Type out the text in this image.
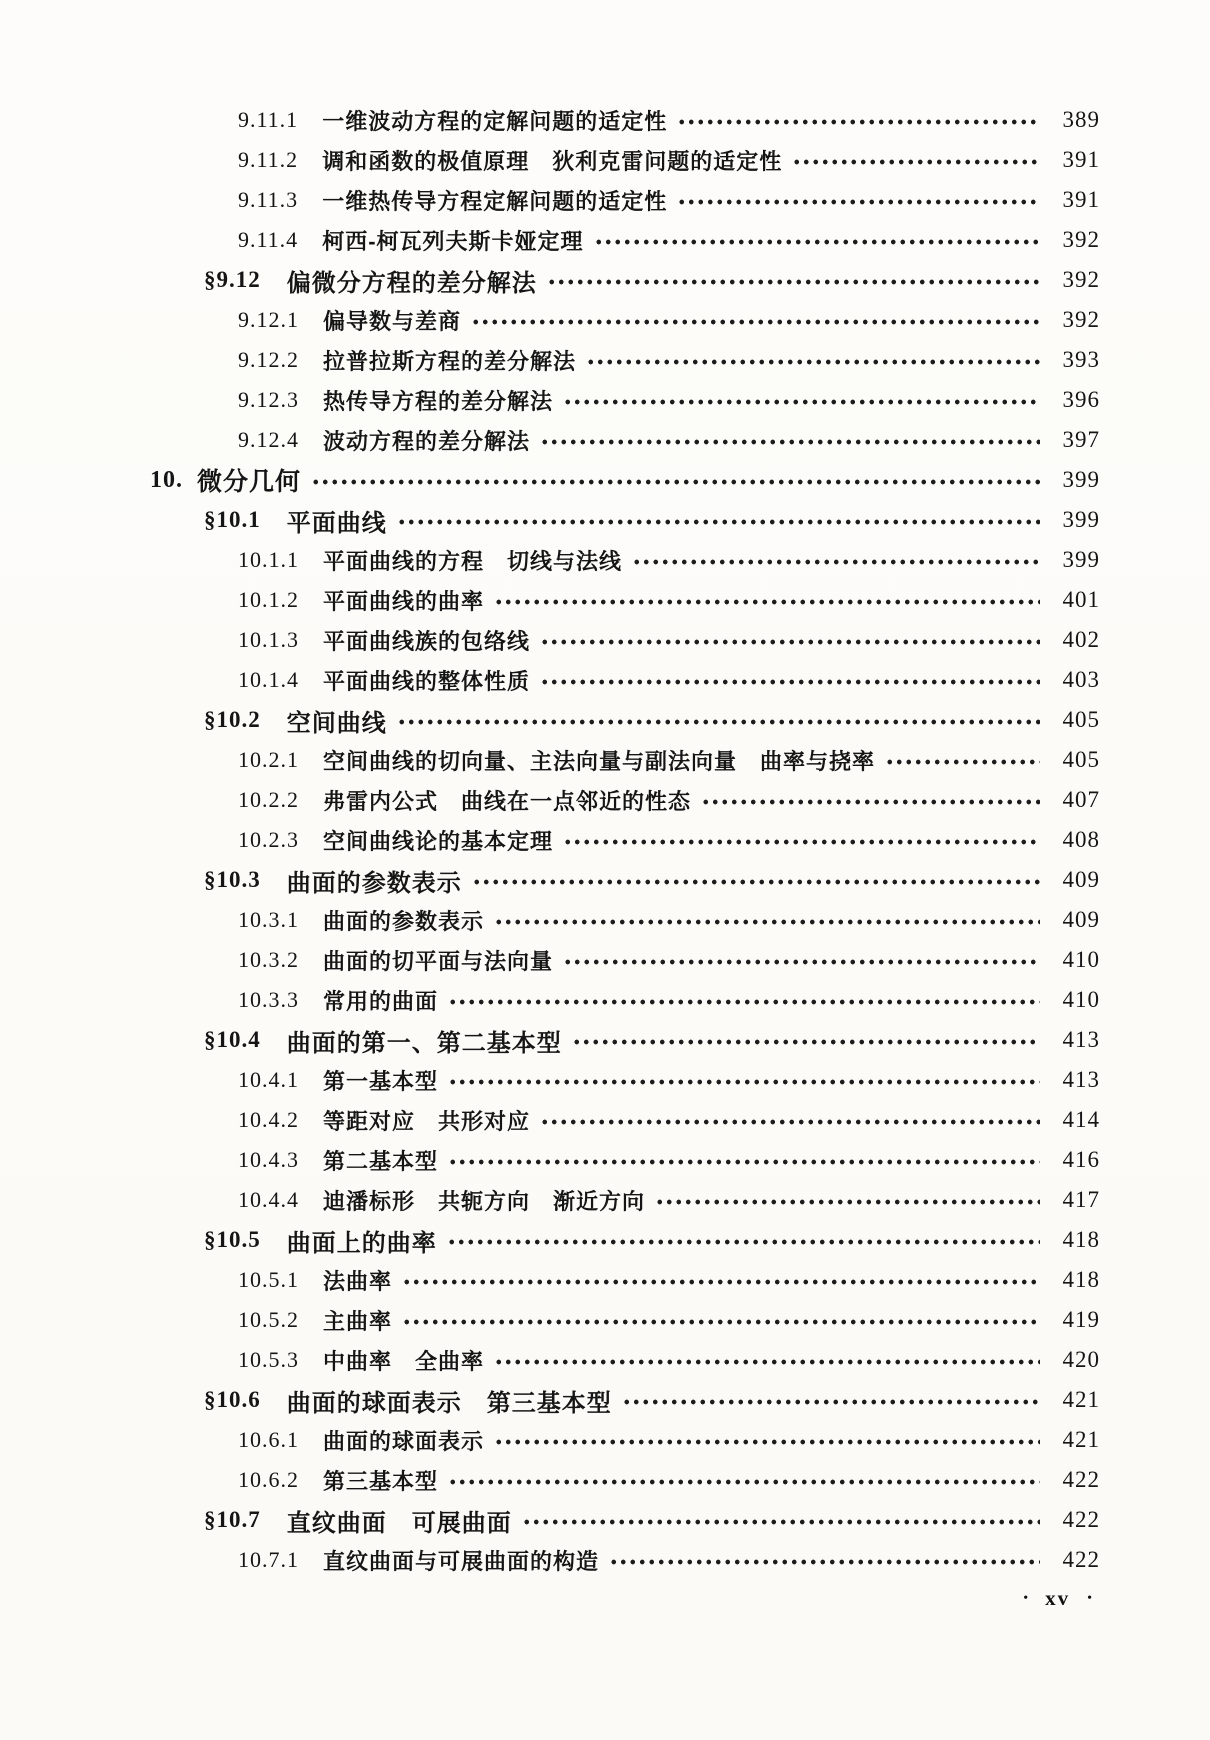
9.11.1 一维波动方程的定解问题的适定性	389
9.11.2 调和函数的极值原理　狄利克雷问题的适定性	391
9.11.3 一维热传导方程定解问题的适定性	391
9.11.4 柯西-柯瓦列夫斯卡娅定理	392
§9.12 偏微分方程的差分解法	392
9.12.1 偏导数与差商	392
9.12.2 拉普拉斯方程的差分解法	393
9.12.3 热传导方程的差分解法	396
9.12.4 波动方程的差分解法	397
10. 微分几何	399
§10.1 平面曲线	399
10.1.1 平面曲线的方程　切线与法线	399
10.1.2 平面曲线的曲率	401
10.1.3 平面曲线族的包络线	402
10.1.4 平面曲线的整体性质	403
§10.2 空间曲线	405
10.2.1 空间曲线的切向量、主法向量与副法向量　曲率与挠率	405
10.2.2 弗雷内公式　曲线在一点邻近的性态	407
10.2.3 空间曲线论的基本定理	408
§10.3 曲面的参数表示	409
10.3.1 曲面的参数表示	409
10.3.2 曲面的切平面与法向量	410
10.3.3 常用的曲面	410
§10.4 曲面的第一、第二基本型	413
10.4.1 第一基本型	413
10.4.2 等距对应　共形对应	414
10.4.3 第二基本型	416
10.4.4 迪潘标形　共轭方向　渐近方向	417
§10.5 曲面上的曲率	418
10.5.1 法曲率	418
10.5.2 主曲率	419
10.5.3 中曲率　全曲率	420
§10.6 曲面的球面表示　第三基本型	421
10.6.1 曲面的球面表示	421
10.6.2 第三基本型	422
§10.7 直纹曲面　可展曲面	422
10.7.1 直纹曲面与可展曲面的构造	422
• xv •
